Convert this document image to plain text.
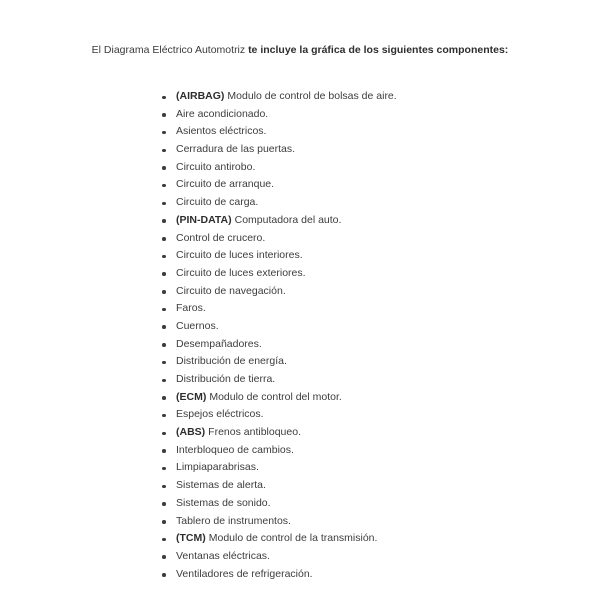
El Diagrama Eléctrico Automotriz te incluye la gráfica de los siguientes componentes:
(AIRBAG) Modulo de control de bolsas de aire.
Aire acondicionado.
Asientos eléctricos.
Cerradura de las puertas.
Circuito antirobo.
Circuito de arranque.
Circuito de carga.
(PIN-DATA) Computadora del auto.
Control de crucero.
Circuito de luces interiores.
Circuito de luces exteriores.
Circuito de navegación.
Faros.
Cuernos.
Desempañadores.
Distribución de energía.
Distribución de tierra.
(ECM) Modulo de control del motor.
Espejos eléctricos.
(ABS) Frenos antibloqueo.
Interbloqueo de cambios.
Limpiaparabrisas.
Sistemas de alerta.
Sistemas de sonido.
Tablero de instrumentos.
(TCM) Modulo de control de la transmisión.
Ventanas eléctricas.
Ventiladores de refrigeración.
